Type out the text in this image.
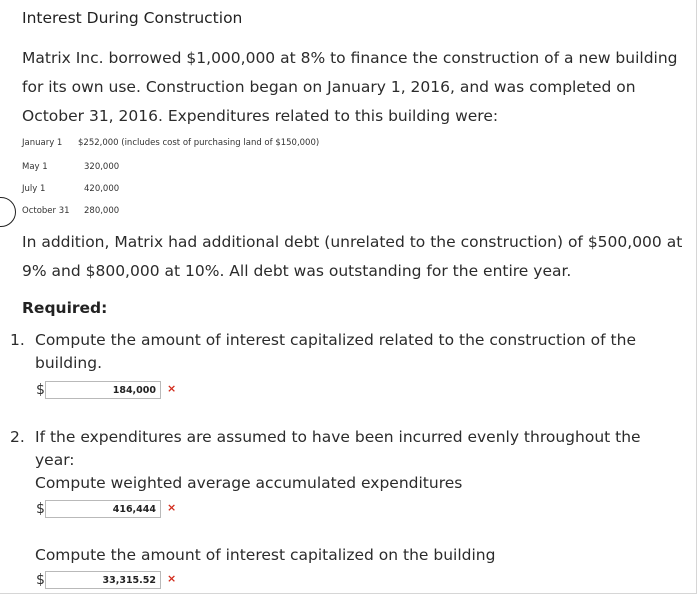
Interest During Construction
Matrix Inc. borrowed $1,000,000 at 8% to finance the construction of a new building for its own use. Construction began on January 1, 2016, and was completed on October 31, 2016. Expenditures related to this building were:
January 1 $252,000 (includes cost of purchasing land of $150,000)
May 1	320,000
July 1	420,000
October 31 280,000
In addition, Matrix had additional debt (unrelated to the construction) of $500,000 at 9% and $800,000 at 10%. All debt was outstanding for the entire year.
Required:
1. Compute the amount of interest capitalized related to the construction of the building.
$	184,000	×
2. If the expenditures are assumed to have been incurred evenly throughout the year:
Compute weighted average accumulated expenditures
$	416,444	×
Compute the amount of interest capitalized on the building
$	33,315.52	×
